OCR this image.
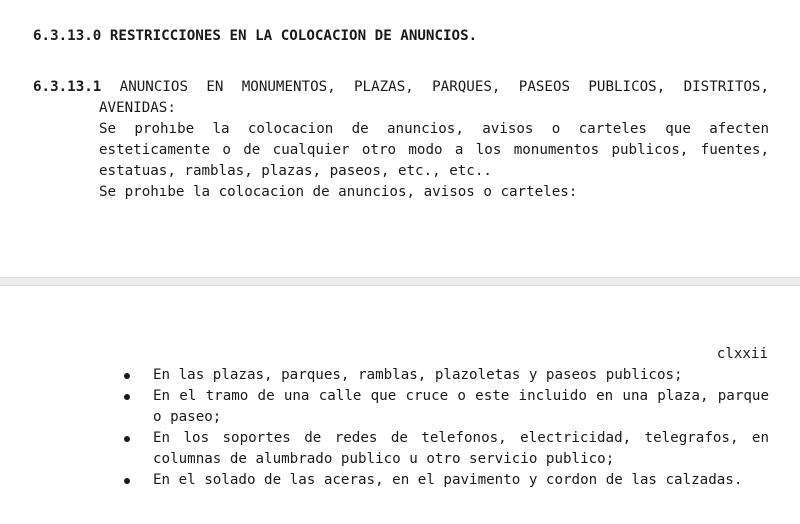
6.3.13.0 RESTRICCIONES EN LA COLOCACION DE ANUNCIOS.
6.3.13.1 ANUNCIOS EN MONUMENTOS, PLAZAS, PARQUES, PASEOS PUBLICOS, DISTRITOS,
AVENIDAS:
Se prohıbe la colocacion de anuncios, avisos o carteles que afecten esteticamente o de cualquier otro modo a los monumentos publicos, fuentes, estatuas, ramblas, plazas, paseos, etc., etc..
Se prohıbe la colocacion de anuncios, avisos o carteles:
clxxii
En las plazas, parques, ramblas, plazoletas y paseos publicos;
En el tramo de una calle que cruce o este incluido en una plaza, parque o paseo;
En los soportes de redes de telefonos, electricidad, telegrafos, en columnas de alumbrado publico u otro servicio publico;
En el solado de las aceras, en el pavimento y cordon de las calzadas.
